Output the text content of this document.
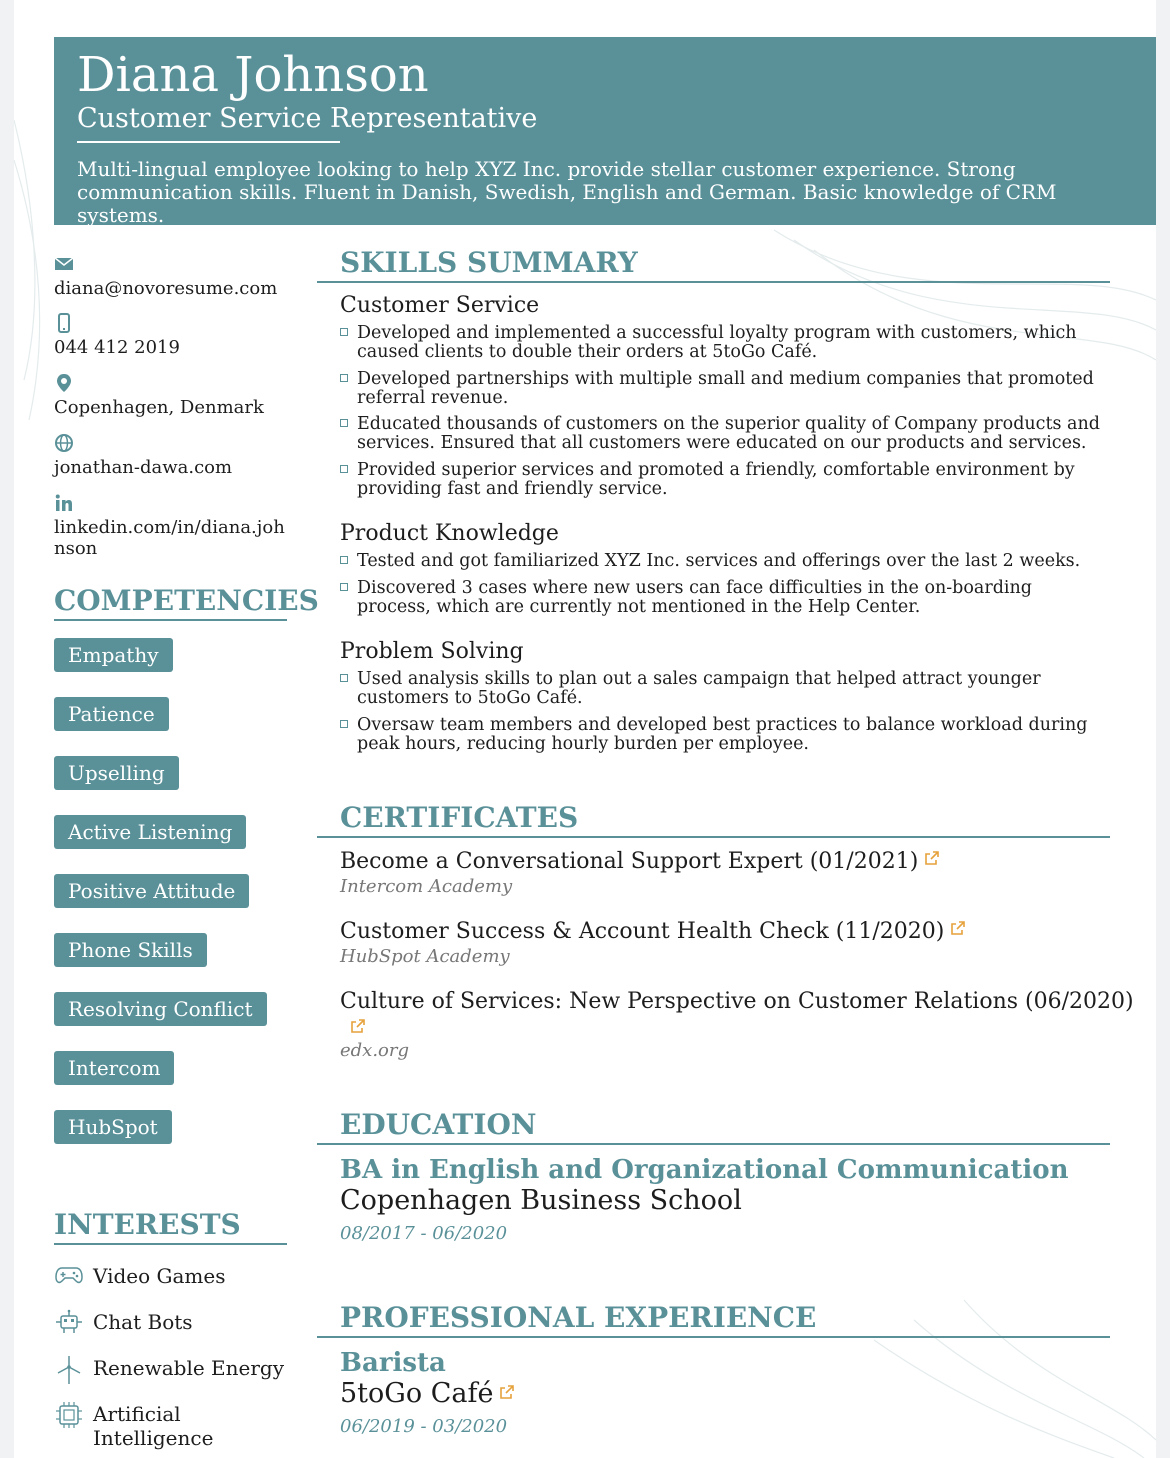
Diana Johnson
Customer Service Representative
Multi-lingual employee looking to help XYZ Inc. provide stellar customer experience. Strong communication skills. Fluent in Danish, Swedish, English and German. Basic knowledge of CRM systems.
diana@novoresume.com
044 412 2019
Copenhagen, Denmark
jonathan-dawa.com
linkedin.com/in/diana.johnson
COMPETENCIES
Empathy
Patience
Upselling
Active Listening
Positive Attitude
Phone Skills
Resolving Conflict
Intercom
HubSpot
INTERESTS
Video Games
Chat Bots
Renewable Energy
Artificial Intelligence
SKILLS SUMMARY
Customer Service
Developed and implemented a successful loyalty program with customers, which caused clients to double their orders at 5toGo Café.
Developed partnerships with multiple small and medium companies that promoted referral revenue.
Educated thousands of customers on the superior quality of Company products and services. Ensured that all customers were educated on our products and services.
Provided superior services and promoted a friendly, comfortable environment by providing fast and friendly service.
Product Knowledge
Tested and got familiarized XYZ Inc. services and offerings over the last 2 weeks.
Discovered 3 cases where new users can face difficulties in the on-boarding process, which are currently not mentioned in the Help Center.
Problem Solving
Used analysis skills to plan out a sales campaign that helped attract younger customers to 5toGo Café.
Oversaw team members and developed best practices to balance workload during peak hours, reducing hourly burden per employee.
CERTIFICATES
Become a Conversational Support Expert (01/2021)
Intercom Academy
Customer Success & Account Health Check (11/2020)
HubSpot Academy
Culture of Services: New Perspective on Customer Relations (06/2020)
edx.org
EDUCATION
BA in English and Organizational Communication
Copenhagen Business School
08/2017 - 06/2020
PROFESSIONAL EXPERIENCE
Barista
5toGo Café
06/2019 - 03/2020
